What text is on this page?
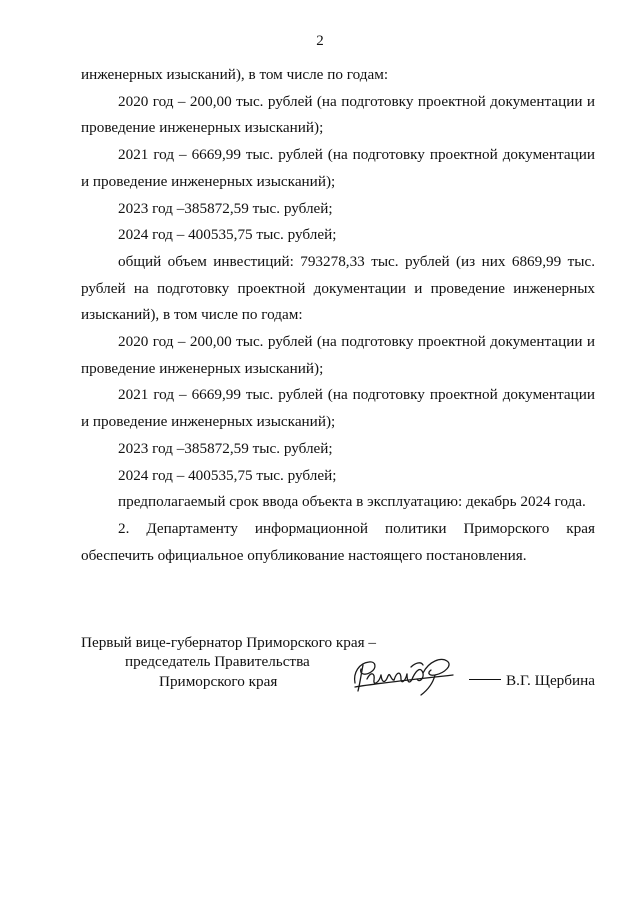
2

инженерных изысканий), в том числе по годам:

2020 год – 200,00 тыс. рублей (на подготовку проектной документации и проведение инженерных изысканий);

2021 год – 6669,99 тыс. рублей (на подготовку проектной документации и проведение инженерных изысканий);

2023 год –385872,59 тыс. рублей;

2024 год – 400535,75 тыс. рублей;

общий объем инвестиций: 793278,33 тыс. рублей (из них 6869,99 тыс. рублей на подготовку проектной документации и проведение инженерных изысканий), в том числе по годам:

2020 год – 200,00 тыс. рублей (на подготовку проектной документации и проведение инженерных изысканий);

2021 год – 6669,99 тыс. рублей (на подготовку проектной документации и проведение инженерных изысканий);

2023 год –385872,59 тыс. рублей;

2024 год – 400535,75 тыс. рублей;

предполагаемый срок ввода объекта в эксплуатацию: декабрь 2024 года.

2. Департаменту информационной политики Приморского края обеспечить официальное опубликование настоящего постановления.

Первый вице-губернатор Приморского края –
председатель Правительства
Приморского края	В.Г. Щербина
